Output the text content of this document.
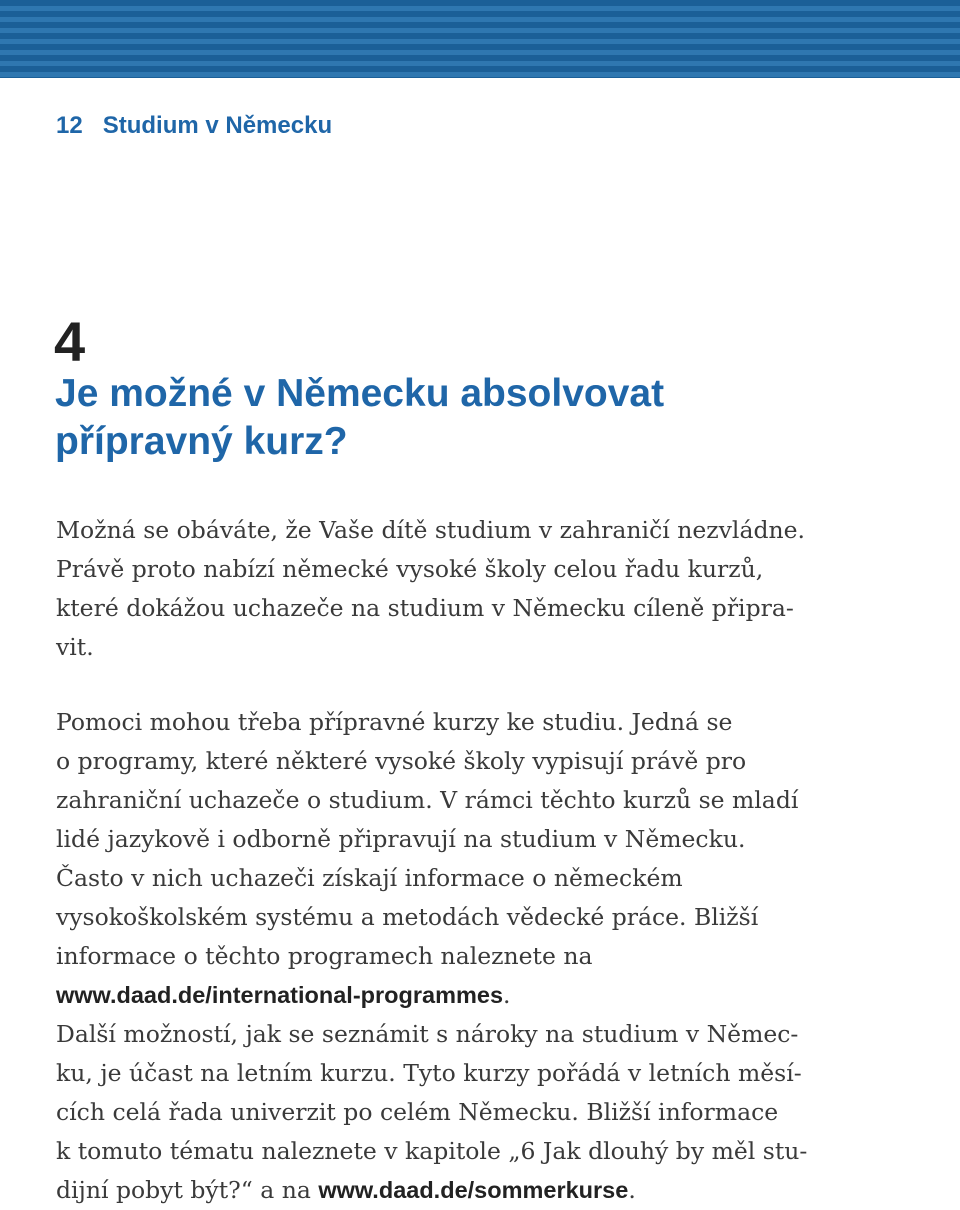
12 Studium v Německu
4
Je možné v Německu absolvovat
přípravný kurz?

Možná se obáváte, že Vaše dítě studium v zahraničí nezvládne.
Právě proto nabízí německé vysoké školy celou řadu kurzů,
které dokážou uchazeče na studium v Německu cíleně připra-
vit.

Pomoci mohou třeba přípravné kurzy ke studiu. Jedná se
o programy, které některé vysoké školy vypisují právě pro
zahraniční uchazeče o studium. V rámci těchto kurzů se mladí
lidé jazykově i odborně připravují na studium v Německu.
Často v nich uchazeči získají informace o německém
vysokoškolském systému a metodách vědecké práce. Bližší
informace o těchto programech naleznete na
www.daad.de/international-programmes.

Další možností, jak se seznámit s nároky na studium v Němec-
ku, je účast na letním kurzu. Tyto kurzy pořádá v letních měsí-
cích celá řada univerzit po celém Německu. Bližší informace
k tomuto tématu naleznete v kapitole „6 Jak dlouhý by měl stu-
dijní pobyt být?“ a na www.daad.de/sommerkurse.
